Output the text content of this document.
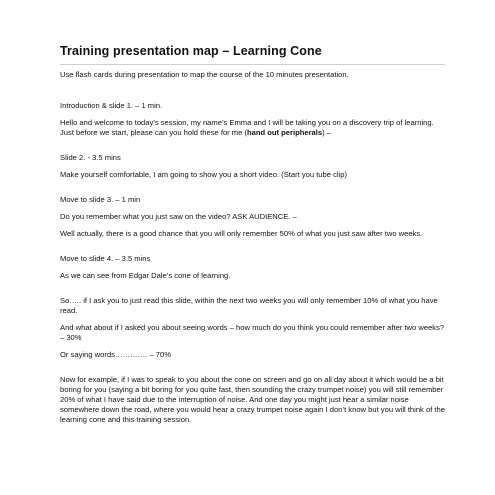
Training presentation map – Learning Cone

Use flash cards during presentation to map the course of the 10 minutes presentation.

Introduction & slide 1. – 1 min.

Hello and welcome to today’s session, my name’s Emma and I will be taking you on a discovery trip of learning. Just before we start, please can you hold these for me (hand out peripherals) –

Slide 2. - 3.5 mins

Make yourself comfortable, I am going to show you a short video. (Start you tube clip)

Move to slide 3. – 1 min

Do you remember what you just saw on the video? ASK AUDIENCE. –

Well actually, there is a good chance that you will only remember 50% of what you just saw after two weeks.

Move to slide 4. – 3.5 mins

As we can see from Edgar Dale’s cone of learning.

So….. if I ask you to just read this slide, within the next two weeks you will only remember 10% of what you have read.

And what about if I asked you about seeing words – how much do you think you could remember after two weeks? – 30%

Or saying words…………. – 70%

Now for example, if I was to speak to you about the cone on screen and go on all day about it which would be a bit boring for you (saying a bit boring for you quite fast, then sounding the crazy trumpet noise) you will still remember 20% of what I have said due to the interruption of noise. And one day you might just hear a similar noise somewhere down the road, where you would hear a crazy trumpet noise again I don’t know but you will think of the learning cone and this training session.
